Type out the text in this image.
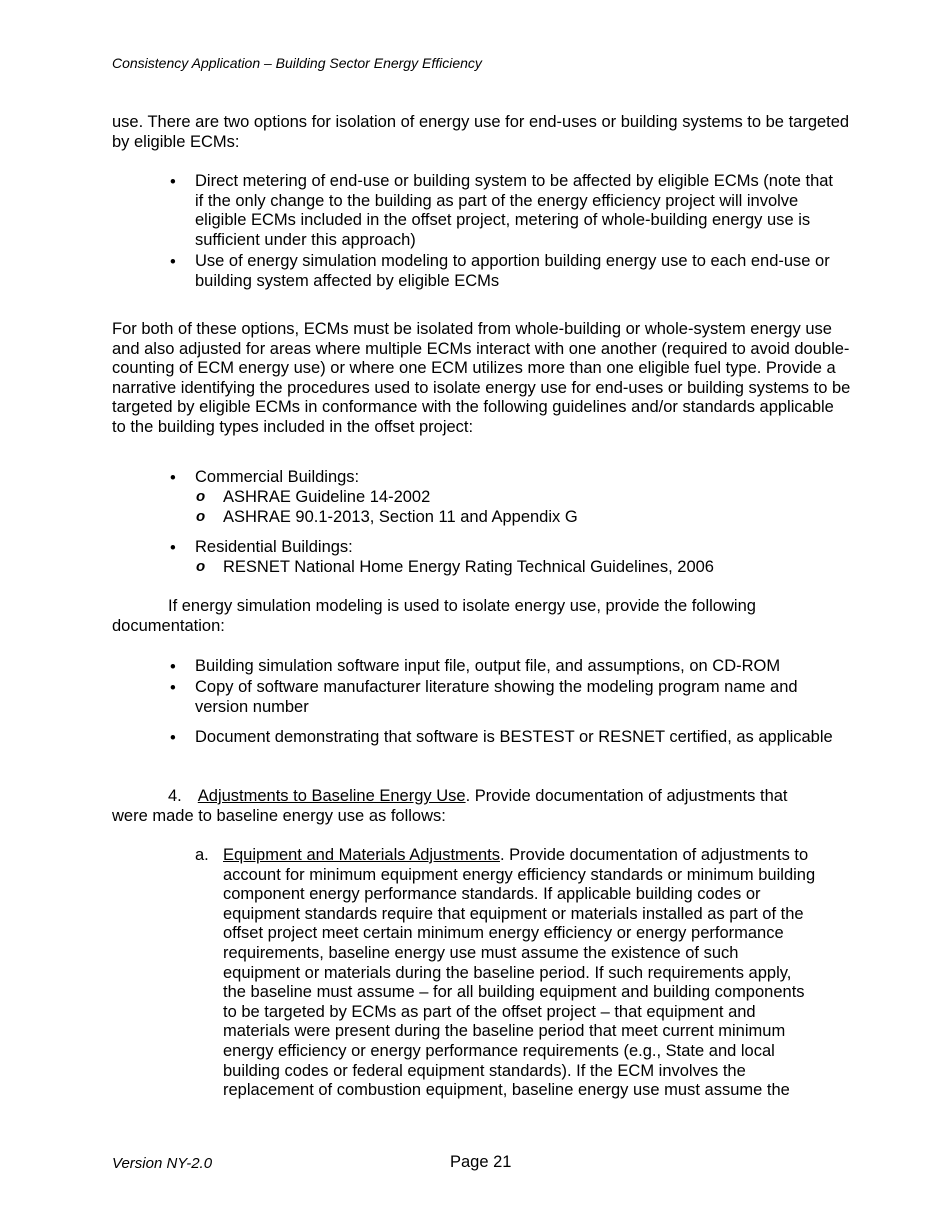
Consistency Application – Building Sector Energy Efficiency

use. There are two options for isolation of energy use for end-uses or building systems to be targeted by eligible ECMs:

• Direct metering of end-use or building system to be affected by eligible ECMs (note that if the only change to the building as part of the energy efficiency project will involve eligible ECMs included in the offset project, metering of whole-building energy use is sufficient under this approach)

• Use of energy simulation modeling to apportion building energy use to each end-use or building system affected by eligible ECMs

For both of these options, ECMs must be isolated from whole-building or whole-system energy use and also adjusted for areas where multiple ECMs interact with one another (required to avoid double-counting of ECM energy use) or where one ECM utilizes more than one eligible fuel type. Provide a narrative identifying the procedures used to isolate energy use for end-uses or building systems to be targeted by eligible ECMs in conformance with the following guidelines and/or standards applicable to the building types included in the offset project:

• Commercial Buildings:
o ASHRAE Guideline 14-2002
o ASHRAE 90.1-2013, Section 11 and Appendix G
• Residential Buildings:
o RESNET National Home Energy Rating Technical Guidelines, 2006

If energy simulation modeling is used to isolate energy use, provide the following documentation:

• Building simulation software input file, output file, and assumptions, on CD-ROM

• Copy of software manufacturer literature showing the modeling program name and version number

• Document demonstrating that software is BESTEST or RESNET certified, as applicable

4. Adjustments to Baseline Energy Use. Provide documentation of adjustments that
were made to baseline energy use as follows:
a. Equipment and Materials Adjustments. Provide documentation of adjustments to
account for minimum equipment energy efficiency standards or minimum building
component energy performance standards. If applicable building codes or
equipment standards require that equipment or materials installed as part of the
offset project meet certain minimum energy efficiency or energy performance
requirements, baseline energy use must assume the existence of such
equipment or materials during the baseline period. If such requirements apply,
the baseline must assume – for all building equipment and building components
to be targeted by ECMs as part of the offset project – that equipment and
materials were present during the baseline period that meet current minimum
energy efficiency or energy performance requirements (e.g., State and local
building codes or federal equipment standards). If the ECM involves the
replacement of combustion equipment, baseline energy use must assume the
Version NY-2.0	Page 21
